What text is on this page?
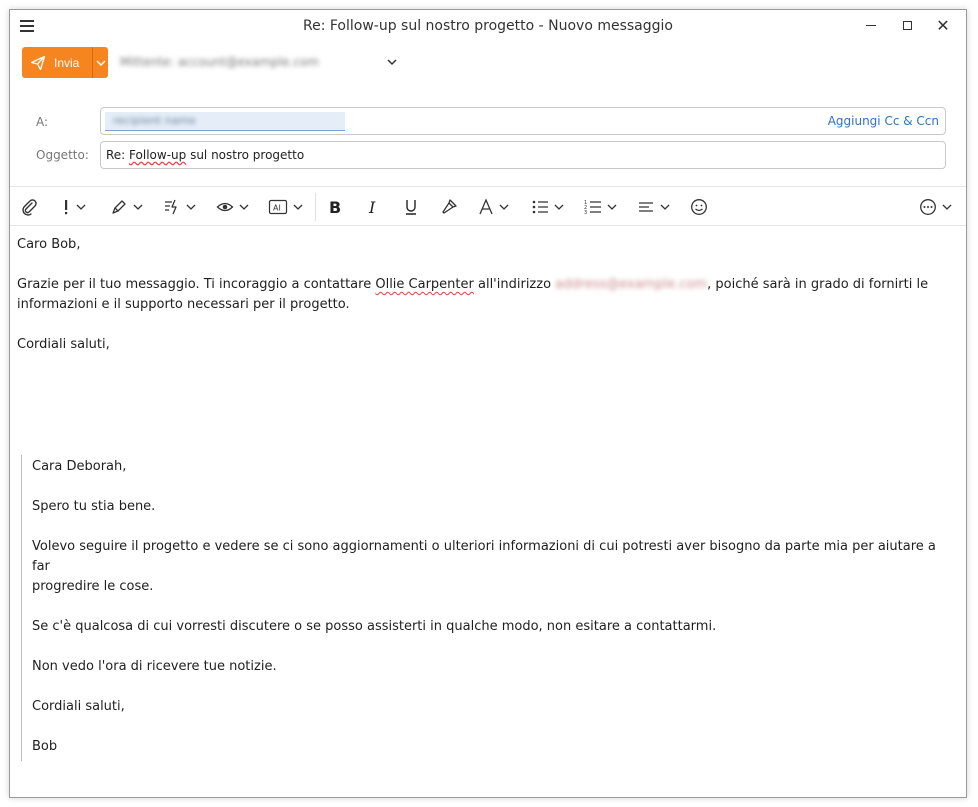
Re: Follow-up sul nostro progetto - Nuovo messaggio	✕
Invia	Mittente: account@example.com
A:	recipient name	Aggiungi Cc & Ccn
Oggetto: Re: Follow-up sul nostro progetto
AI	B I	1
2
3

Caro Bob,

Grazie per il tuo messaggio. Ti incoraggio a contattare Ollie Carpenter all'indirizzo address@example.com, poiché sarà in grado di fornirti le

informazioni e il supporto necessari per il progetto.

Cordiali saluti,

Cara Deborah,

Spero tu stia bene.

Volevo seguire il progetto e vedere se ci sono aggiornamenti o ulteriori informazioni di cui potresti aver bisogno da parte mia per aiutare a far

progredire le cose.

Se c'è qualcosa di cui vorresti discutere o se posso assisterti in qualche modo, non esitare a contattarmi.

Non vedo l'ora di ricevere tue notizie.

Cordiali saluti,

Bob
